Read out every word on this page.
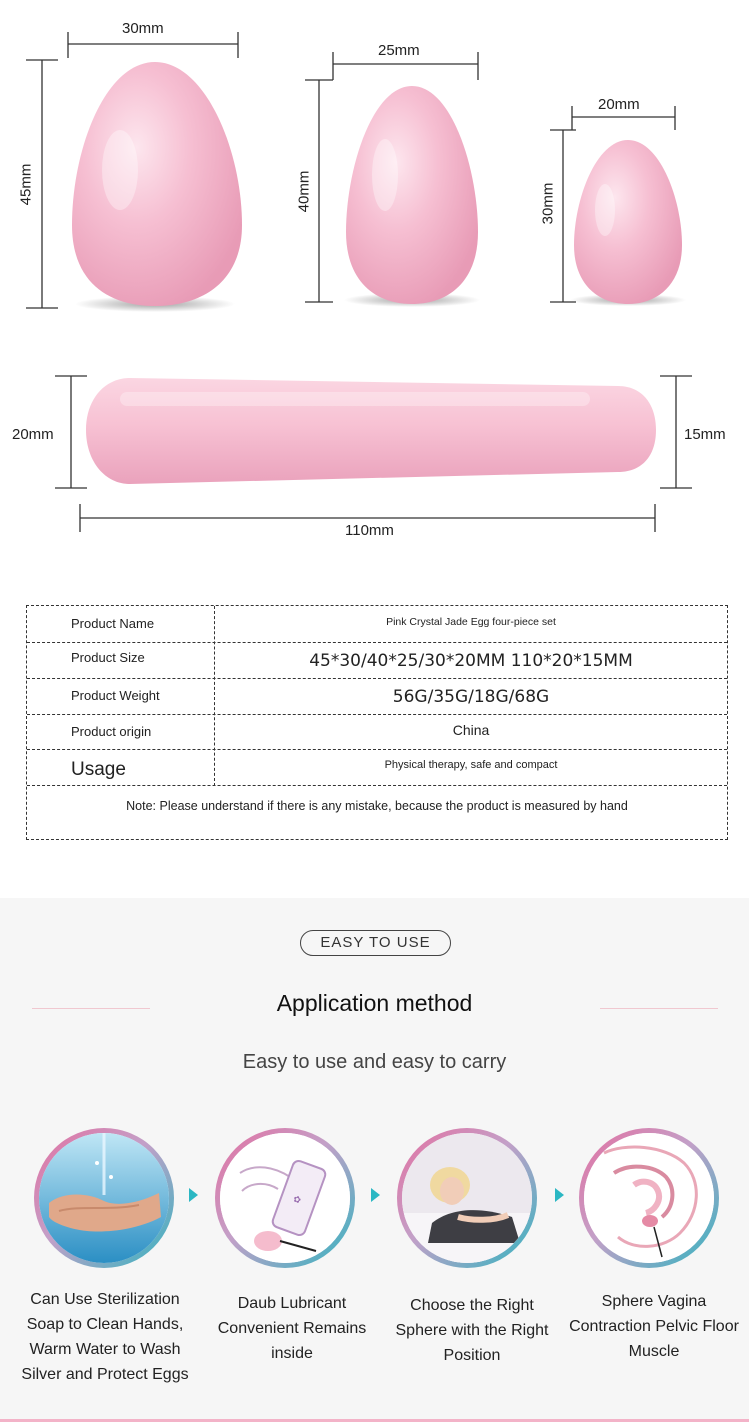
30mm
45mm
25mm
40mm
20mm
30mm
20mm	15mm
110mm
Product Name	Pink Crystal Jade Egg four-piece set
Product Size	45*30/40*25/30*20MM 110*20*15MM
Product Weight	56G/35G/18G/68G
Product origin	China
Usage	Physical therapy, safe and compact
Note: Please understand if there is any mistake, because the product is measured by hand
EASY TO USE
Application method
Easy to use and easy to carry
✿
Can Use Sterilization Soap to Clean Hands, Warm Water to Wash Silver and Protect Eggs
Daub Lubricant Convenient Remains inside
Choose the Right Sphere with the Right Position
Sphere Vagina Contraction Pelvic Floor Muscle
